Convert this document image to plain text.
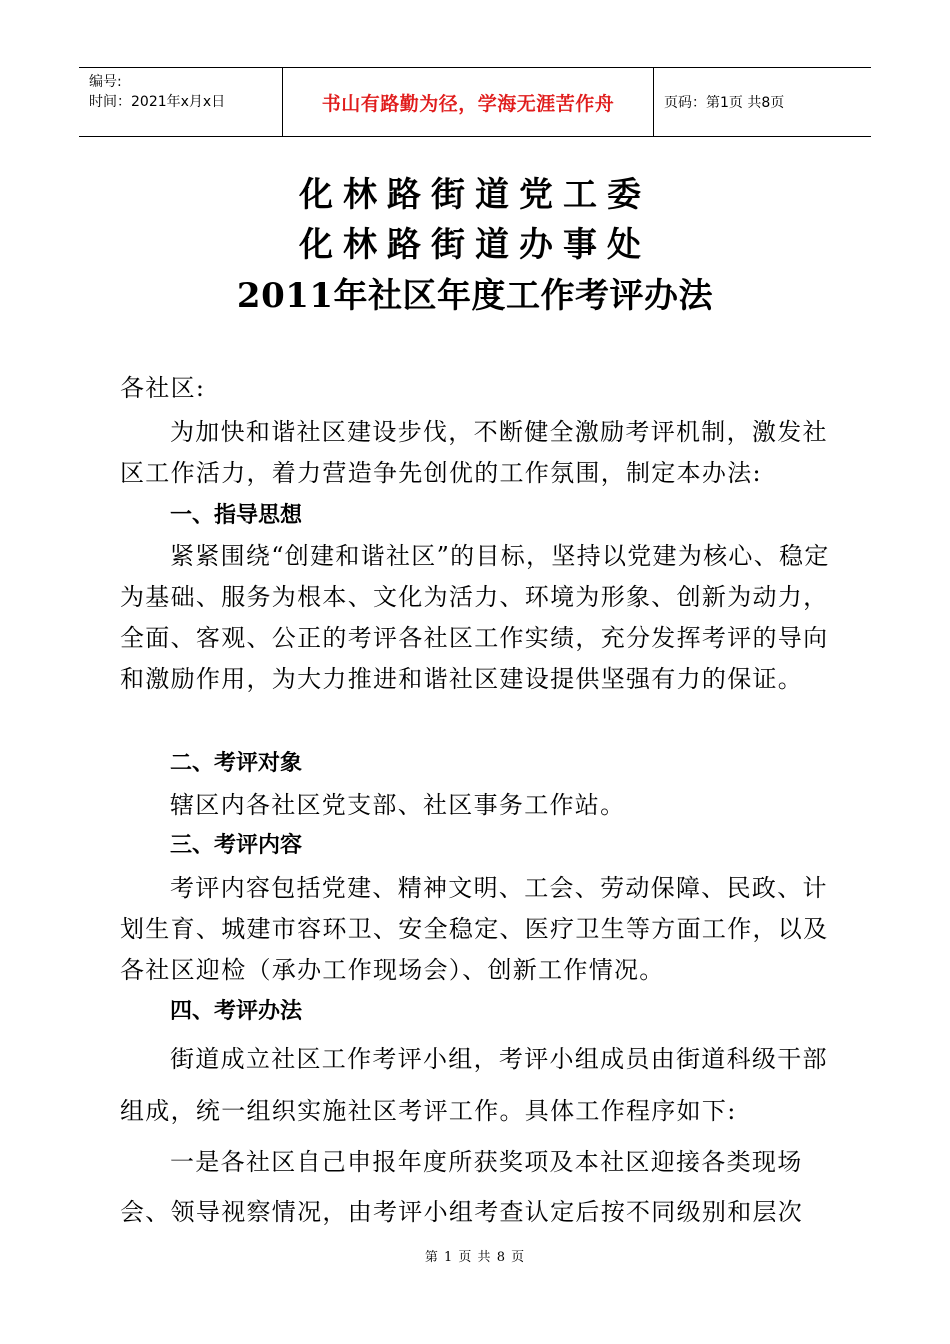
编号:
时间：2021年x月x日	书山有路勤为径，学海无涯苦作舟	页码：第1页 共8页
化林路街道党工委
化林路街道办事处
2011年社区年度工作考评办法
各社区:
为加快和谐社区建设步伐，不断健全激励考评机制，激发社区工作活力，着力营造争先创优的工作氛围，制定本办法:
一、指导思想
紧紧围绕“创建和谐社区”的目标，坚持以党建为核心、稳定为基础、服务为根本、文化为活力、环境为形象、创新为动力，全面、客观、公正的考评各社区工作实绩，充分发挥考评的导向和激励作用，为大力推进和谐社区建设提供坚强有力的保证。
二、考评对象
辖区内各社区党支部、社区事务工作站。
三、考评内容
考评内容包括党建、精神文明、工会、劳动保障、民政、计划生育、城建市容环卫、安全稳定、医疗卫生等方面工作，以及各社区迎检（承办工作现场会）、创新工作情况。
四、考评办法
街道成立社区工作考评小组，考评小组成员由街道科级干部组成，统一组织实施社区考评工作。具体工作程序如下:
一是各社区自己申报年度所获奖项及本社区迎接各类现场会、领导视察情况，由考评小组考查认定后按不同级别和层次
第 1 页 共 8 页
